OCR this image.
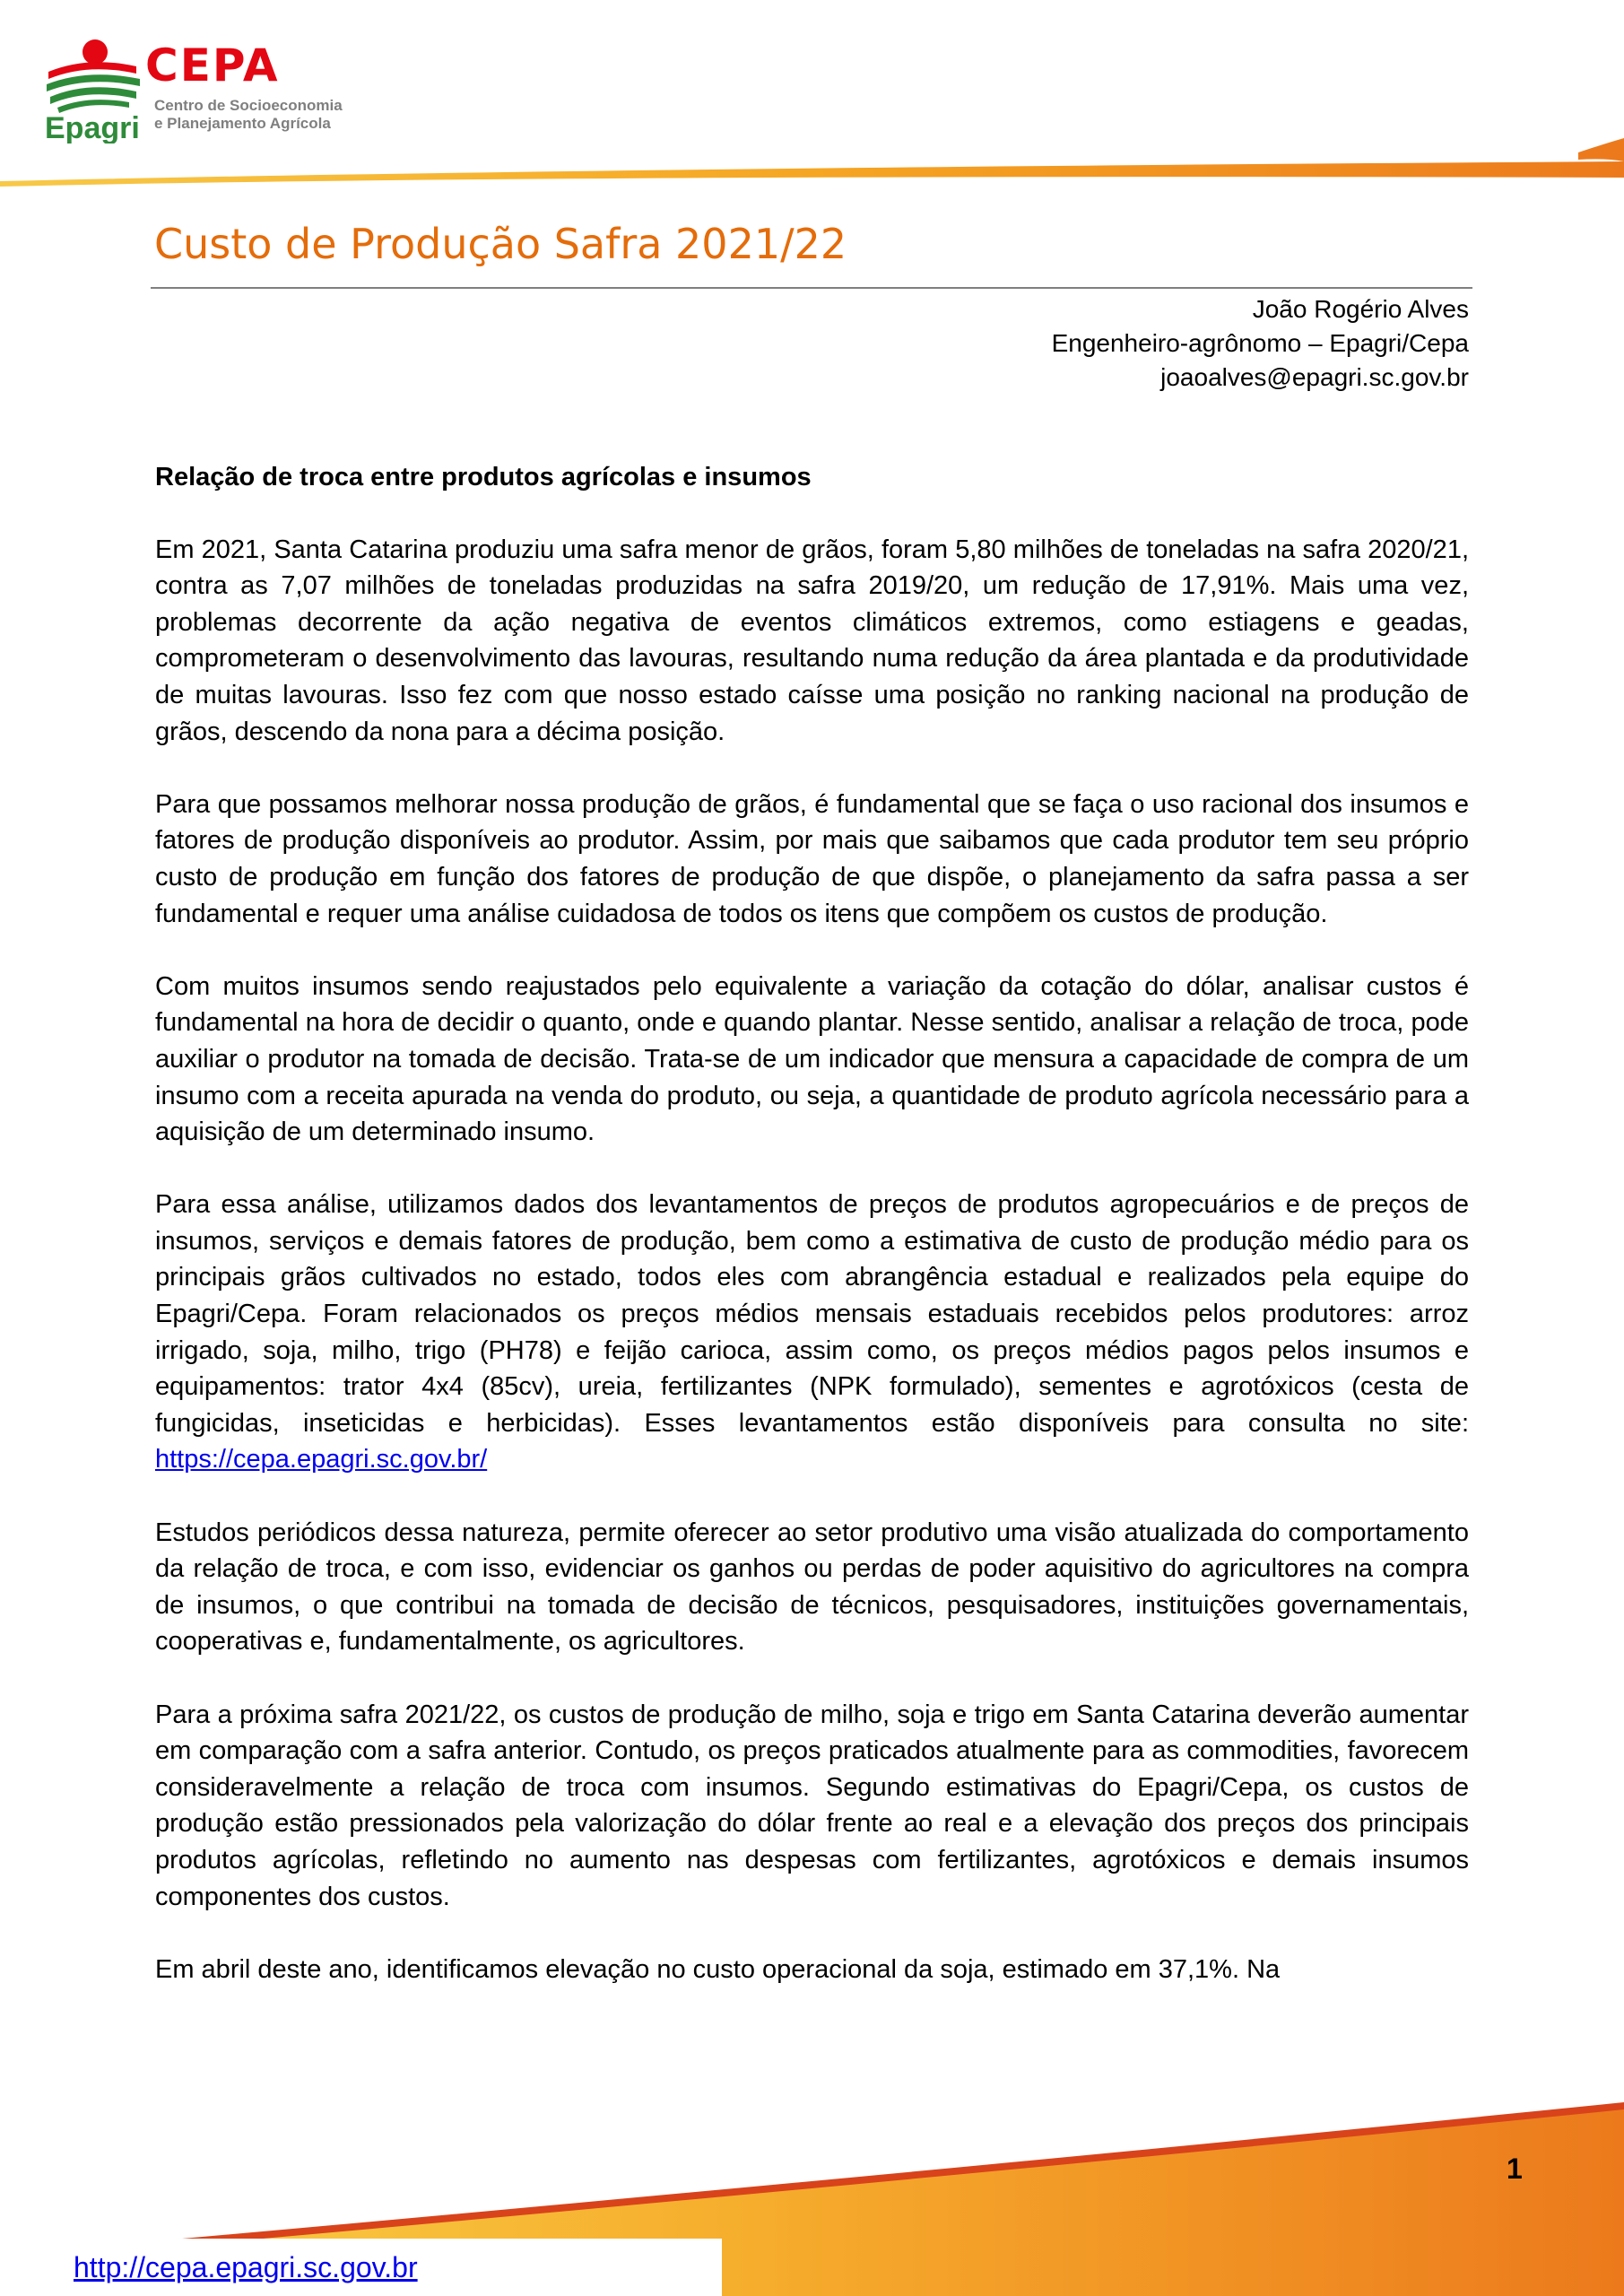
Epagri
CEPA
Centro de Socioeconomia
e Planejamento Agrícola
Custo de Produção Safra 2021/22
João Rogério Alves
Engenheiro-agrônomo – Epagri/Cepa
joaoalves@epagri.sc.gov.br
Relação de troca entre produtos agrícolas e insumos

Em 2021, Santa Catarina produziu uma safra menor de grãos, foram 5,80 milhões de toneladas na safra 2020/21, contra as 7,07 milhões de toneladas produzidas na safra 2019/20, um redução de 17,91%. Mais uma vez, problemas decorrente da ação negativa de eventos climáticos extremos, como estiagens e geadas, comprometeram o desenvolvimento das lavouras, resultando numa redução da área plantada e da produtividade de muitas lavouras. Isso fez com que nosso estado caísse uma posição no ranking nacional na produção de grãos, descendo da nona para a décima posição.

Para que possamos melhorar nossa produção de grãos, é fundamental que se faça o uso racional dos insumos e fatores de produção disponíveis ao produtor. Assim, por mais que saibamos que cada produtor tem seu próprio custo de produção em função dos fatores de produção de que dispõe, o planejamento da safra passa a ser fundamental e requer uma análise cuidadosa de todos os itens que compõem os custos de produção.

Com muitos insumos sendo reajustados pelo equivalente a variação da cotação do dólar, analisar custos é fundamental na hora de decidir o quanto, onde e quando plantar. Nesse sentido, analisar a relação de troca, pode auxiliar o produtor na tomada de decisão. Trata-se de um indicador que mensura a capacidade de compra de um insumo com a receita apurada na venda do produto, ou seja, a quantidade de produto agrícola necessário para a aquisição de um determinado insumo.

Para essa análise, utilizamos dados dos levantamentos de preços de produtos agropecuários e de preços de insumos, serviços e demais fatores de produção, bem como a estimativa de custo de produção médio para os principais grãos cultivados no estado, todos eles com abrangência estadual e realizados pela equipe do Epagri/Cepa. Foram relacionados os preços médios mensais estaduais recebidos pelos produtores: arroz irrigado, soja, milho, trigo (PH78) e feijão carioca, assim como, os preços médios pagos pelos insumos e equipamentos: trator 4x4 (85cv), ureia, fertilizantes (NPK formulado), sementes e agrotóxicos (cesta de fungicidas, inseticidas e herbicidas). Esses levantamentos estão disponíveis para consulta no site: https://cepa.epagri.sc.gov.br/

Estudos periódicos dessa natureza, permite oferecer ao setor produtivo uma visão atualizada do comportamento da relação de troca, e com isso, evidenciar os ganhos ou perdas de poder aquisitivo do agricultores na compra de insumos, o que contribui na tomada de decisão de técnicos, pesquisadores, instituições governamentais, cooperativas e, fundamentalmente, os agricultores.

Para a próxima safra 2021/22, os custos de produção de milho, soja e trigo em Santa Catarina deverão aumentar em comparação com a safra anterior. Contudo, os preços praticados atualmente para as commodities, favorecem consideravelmente a relação de troca com insumos. Segundo estimativas do Epagri/Cepa, os custos de produção estão pressionados pela valorização do dólar frente ao real e a elevação dos preços dos principais produtos agrícolas, refletindo no aumento nas despesas com fertilizantes, agrotóxicos e demais insumos componentes dos custos.

Em abril deste ano, identificamos elevação no custo operacional da soja, estimado em 37,1%. Na

1
http://cepa.epagri.sc.gov.br
